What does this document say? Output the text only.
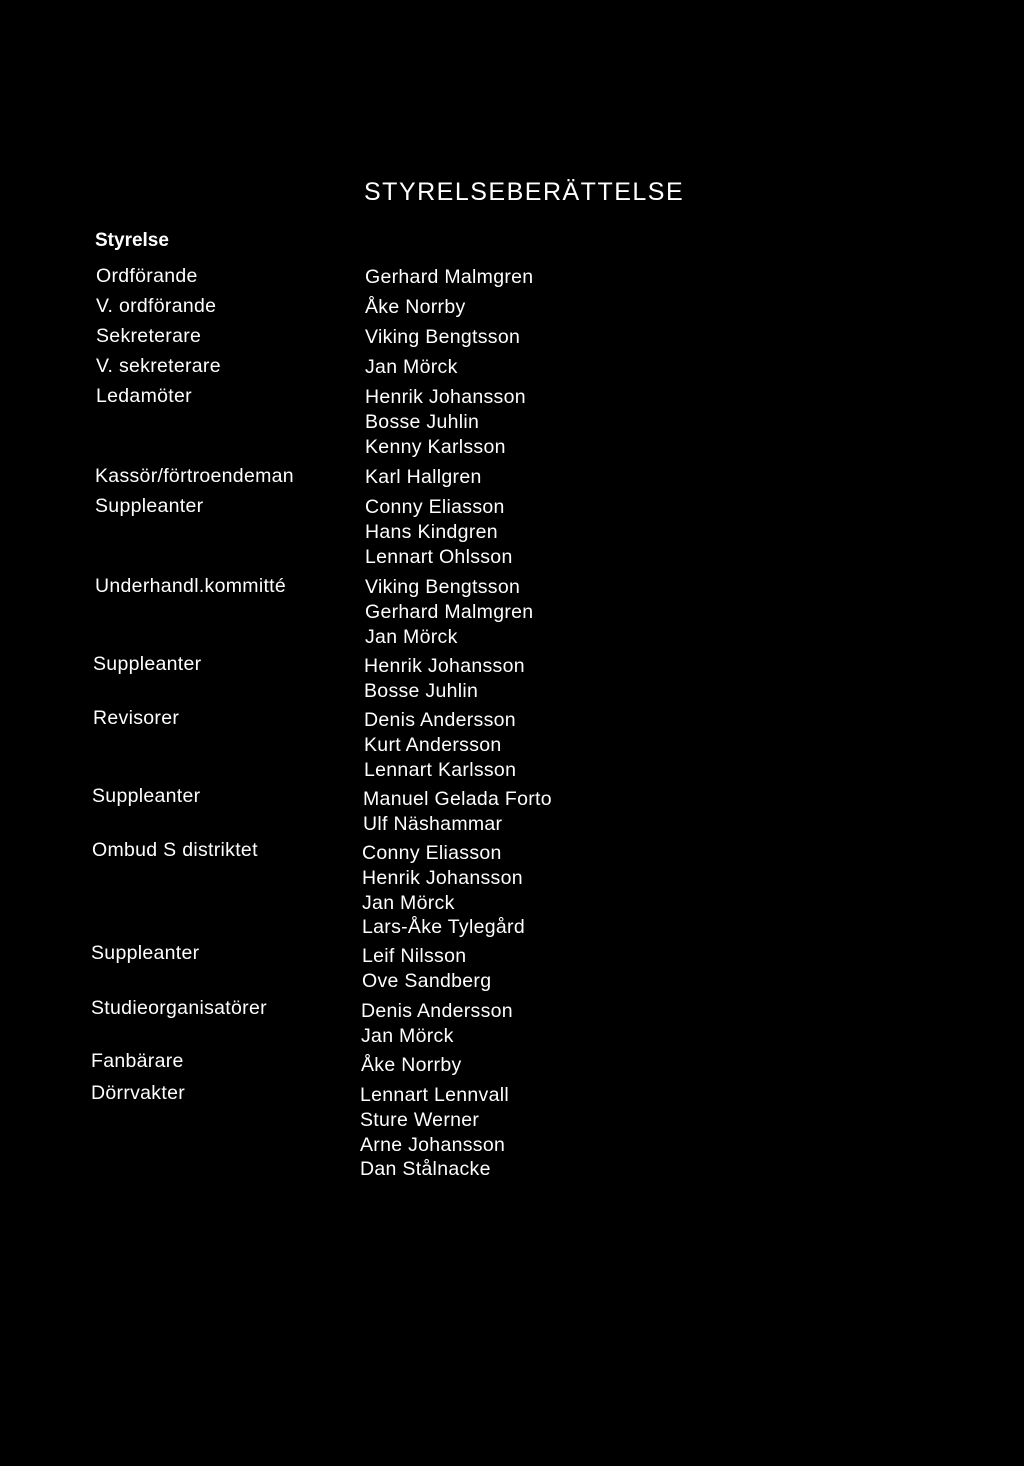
STYRELSEBERÄTTELSE
Styrelse
Ordförande
V. ordförande
Sekreterare
V. sekreterare
Ledamöter
Kassör/förtroendeman
Suppleanter
Underhandl.kommitté
Suppleanter
Revisorer
Suppleanter
Ombud S distriktet
Suppleanter
Studieorganisatörer
Fanbärare
Dörrvakter
Gerhard Malmgren
Åke Norrby
Viking Bengtsson
Jan Mörck
Henrik Johansson
Bosse Juhlin
Kenny Karlsson
Karl Hallgren
Conny Eliasson
Hans Kindgren
Lennart Ohlsson
Viking Bengtsson
Gerhard Malmgren
Jan Mörck
Henrik Johansson
Bosse Juhlin
Denis Andersson
Kurt Andersson
Lennart Karlsson
Manuel Gelada Forto
Ulf Näshammar
Conny Eliasson
Henrik Johansson
Jan Mörck
Lars-Åke Tylegård
Leif Nilsson
Ove Sandberg
Denis Andersson
Jan Mörck
Åke Norrby
Lennart Lennvall
Sture Werner
Arne Johansson
Dan Stålnacke
